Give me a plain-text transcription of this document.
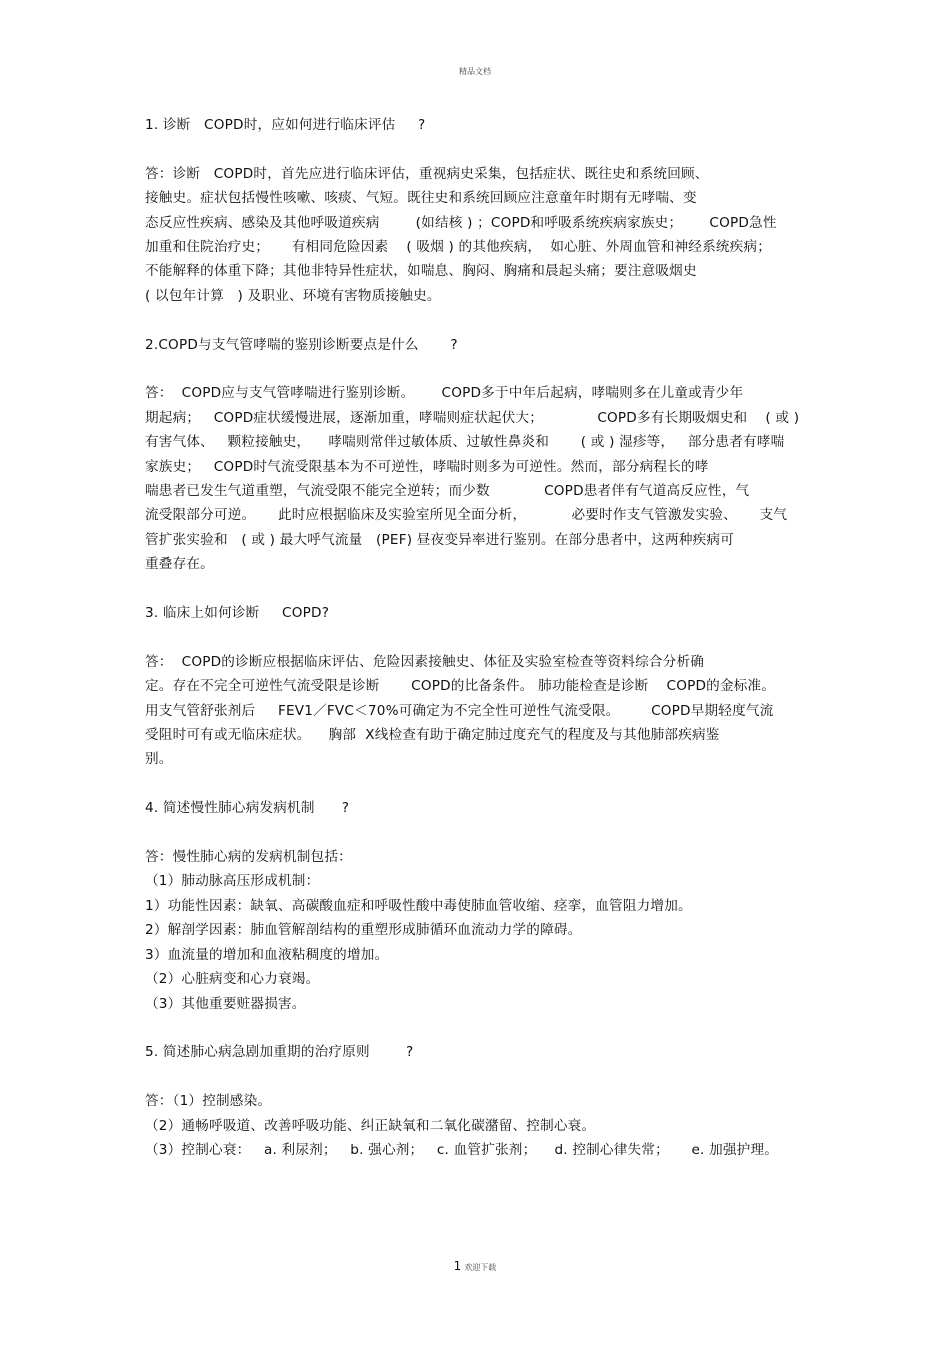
精品文档
1. 诊断   COPD时，应如何进行临床评估     ?
答：诊断   COPD时，首先应进行临床评估，重视病史采集，包括症状、既往史和系统回顾、
接触史。症状包括慢性咳嗽、咳痰、气短。既往史和系统回顾应注意童年时期有无哮喘、变
态反应性疾病、感染及其他呼吸道疾病        (如结核 ) ；COPD和呼吸系统疾病家族史；      COPD急性
加重和住院治疗史；     有相同危险因素    ( 吸烟 ) 的其他疾病，  如心脏、外周血管和神经系统疾病；
不能解释的体重下降；其他非特异性症状，如喘息、胸闷、胸痛和晨起头痛；要注意吸烟史
( 以包年计算   ) 及职业、环境有害物质接触史。
2.COPD与支气管哮喘的鉴别诊断要点是什么       ?
答：  COPD应与支气管哮喘进行鉴别诊断。      COPD多于中年后起病，哮喘则多在儿童或青少年
期起病；   COPD症状缓慢进展，逐渐加重，哮喘则症状起伏大；            COPD多有长期吸烟史和    ( 或 )
有害气体、   颗粒接触史，    哮喘则常伴过敏体质、过敏性鼻炎和       ( 或 ) 湿疹等，   部分患者有哮喘
家族史；   COPD时气流受限基本为不可逆性，哮喘时则多为可逆性。然而，部分病程长的哮
喘患者已发生气道重塑，气流受限不能完全逆转；而少数            COPD患者伴有气道高反应性，气
流受限部分可逆。     此时应根据临床及实验室所见全面分析，          必要时作支气管激发实验、     支气
管扩张实验和   ( 或 ) 最大呼气流量   (PEF) 昼夜变异率进行鉴别。在部分患者中，这两种疾病可
重叠存在。
3. 临床上如何诊断     COPD?
答：  COPD的诊断应根据临床评估、危险因素接触史、体征及实验室检查等资料综合分析确
定。存在不完全可逆性气流受限是诊断       COPD的比备条件。 肺功能检查是诊断    COPD的金标准。
用支气管舒张剂后     FEV1／FVC＜70%可确定为不完全性可逆性气流受限。       COPD早期轻度气流
受阻时可有或无临床症状。    胸部  X线检查有助于确定肺过度充气的程度及与其他肺部疾病鉴
别。
4. 简述慢性肺心病发病机制      ?
答：慢性肺心病的发病机制包括：
（1）肺动脉高压形成机制：
1）功能性因素：缺氧、高碳酸血症和呼吸性酸中毒使肺血管收缩、痉挛，血管阻力增加。
2）解剖学因素：肺血管解剖结构的重塑形成肺循环血流动力学的障碍。
3）血流量的增加和血液粘稠度的增加。
（2）心脏病变和心力衰竭。
（3）其他重要赃器损害。
5. 简述肺心病急剧加重期的治疗原则        ?
答：（1）控制感染。
（2）通畅呼吸道、改善呼吸功能、纠正缺氧和二氧化碳潴留、控制心衰。
（3）控制心衰：   a. 利尿剂；   b. 强心剂；   c. 血管扩张剂；    d. 控制心律失常；     e. 加强护理。
1 欢迎下载
